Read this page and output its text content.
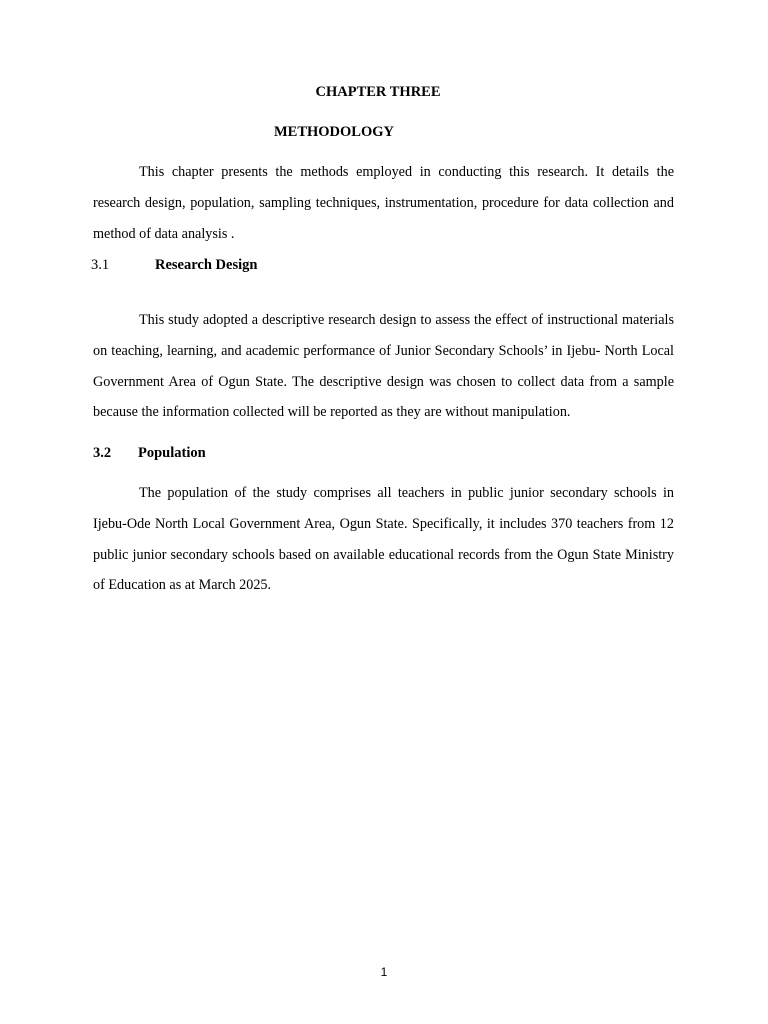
CHAPTER THREE
METHODOLOGY

This chapter presents the methods employed in conducting this research. It details the research design, population, sampling techniques, instrumentation, procedure for data collection and method of data analysis .

3.1	Research Design

This study adopted a descriptive research design to assess the effect of instructional materials on teaching, learning, and academic performance of Junior Secondary Schools’ in Ijebu- North Local Government Area of Ogun State. The descriptive design was chosen to collect data from a sample because the information collected will be reported as they are without manipulation.

3.2 Population

The population of the study comprises all teachers in public junior secondary schools in Ijebu-Ode North Local Government Area, Ogun State. Specifically, it includes 370 teachers from 12 public junior secondary schools based on available educational records from the Ogun State Ministry of Education as at March 2025.

1
